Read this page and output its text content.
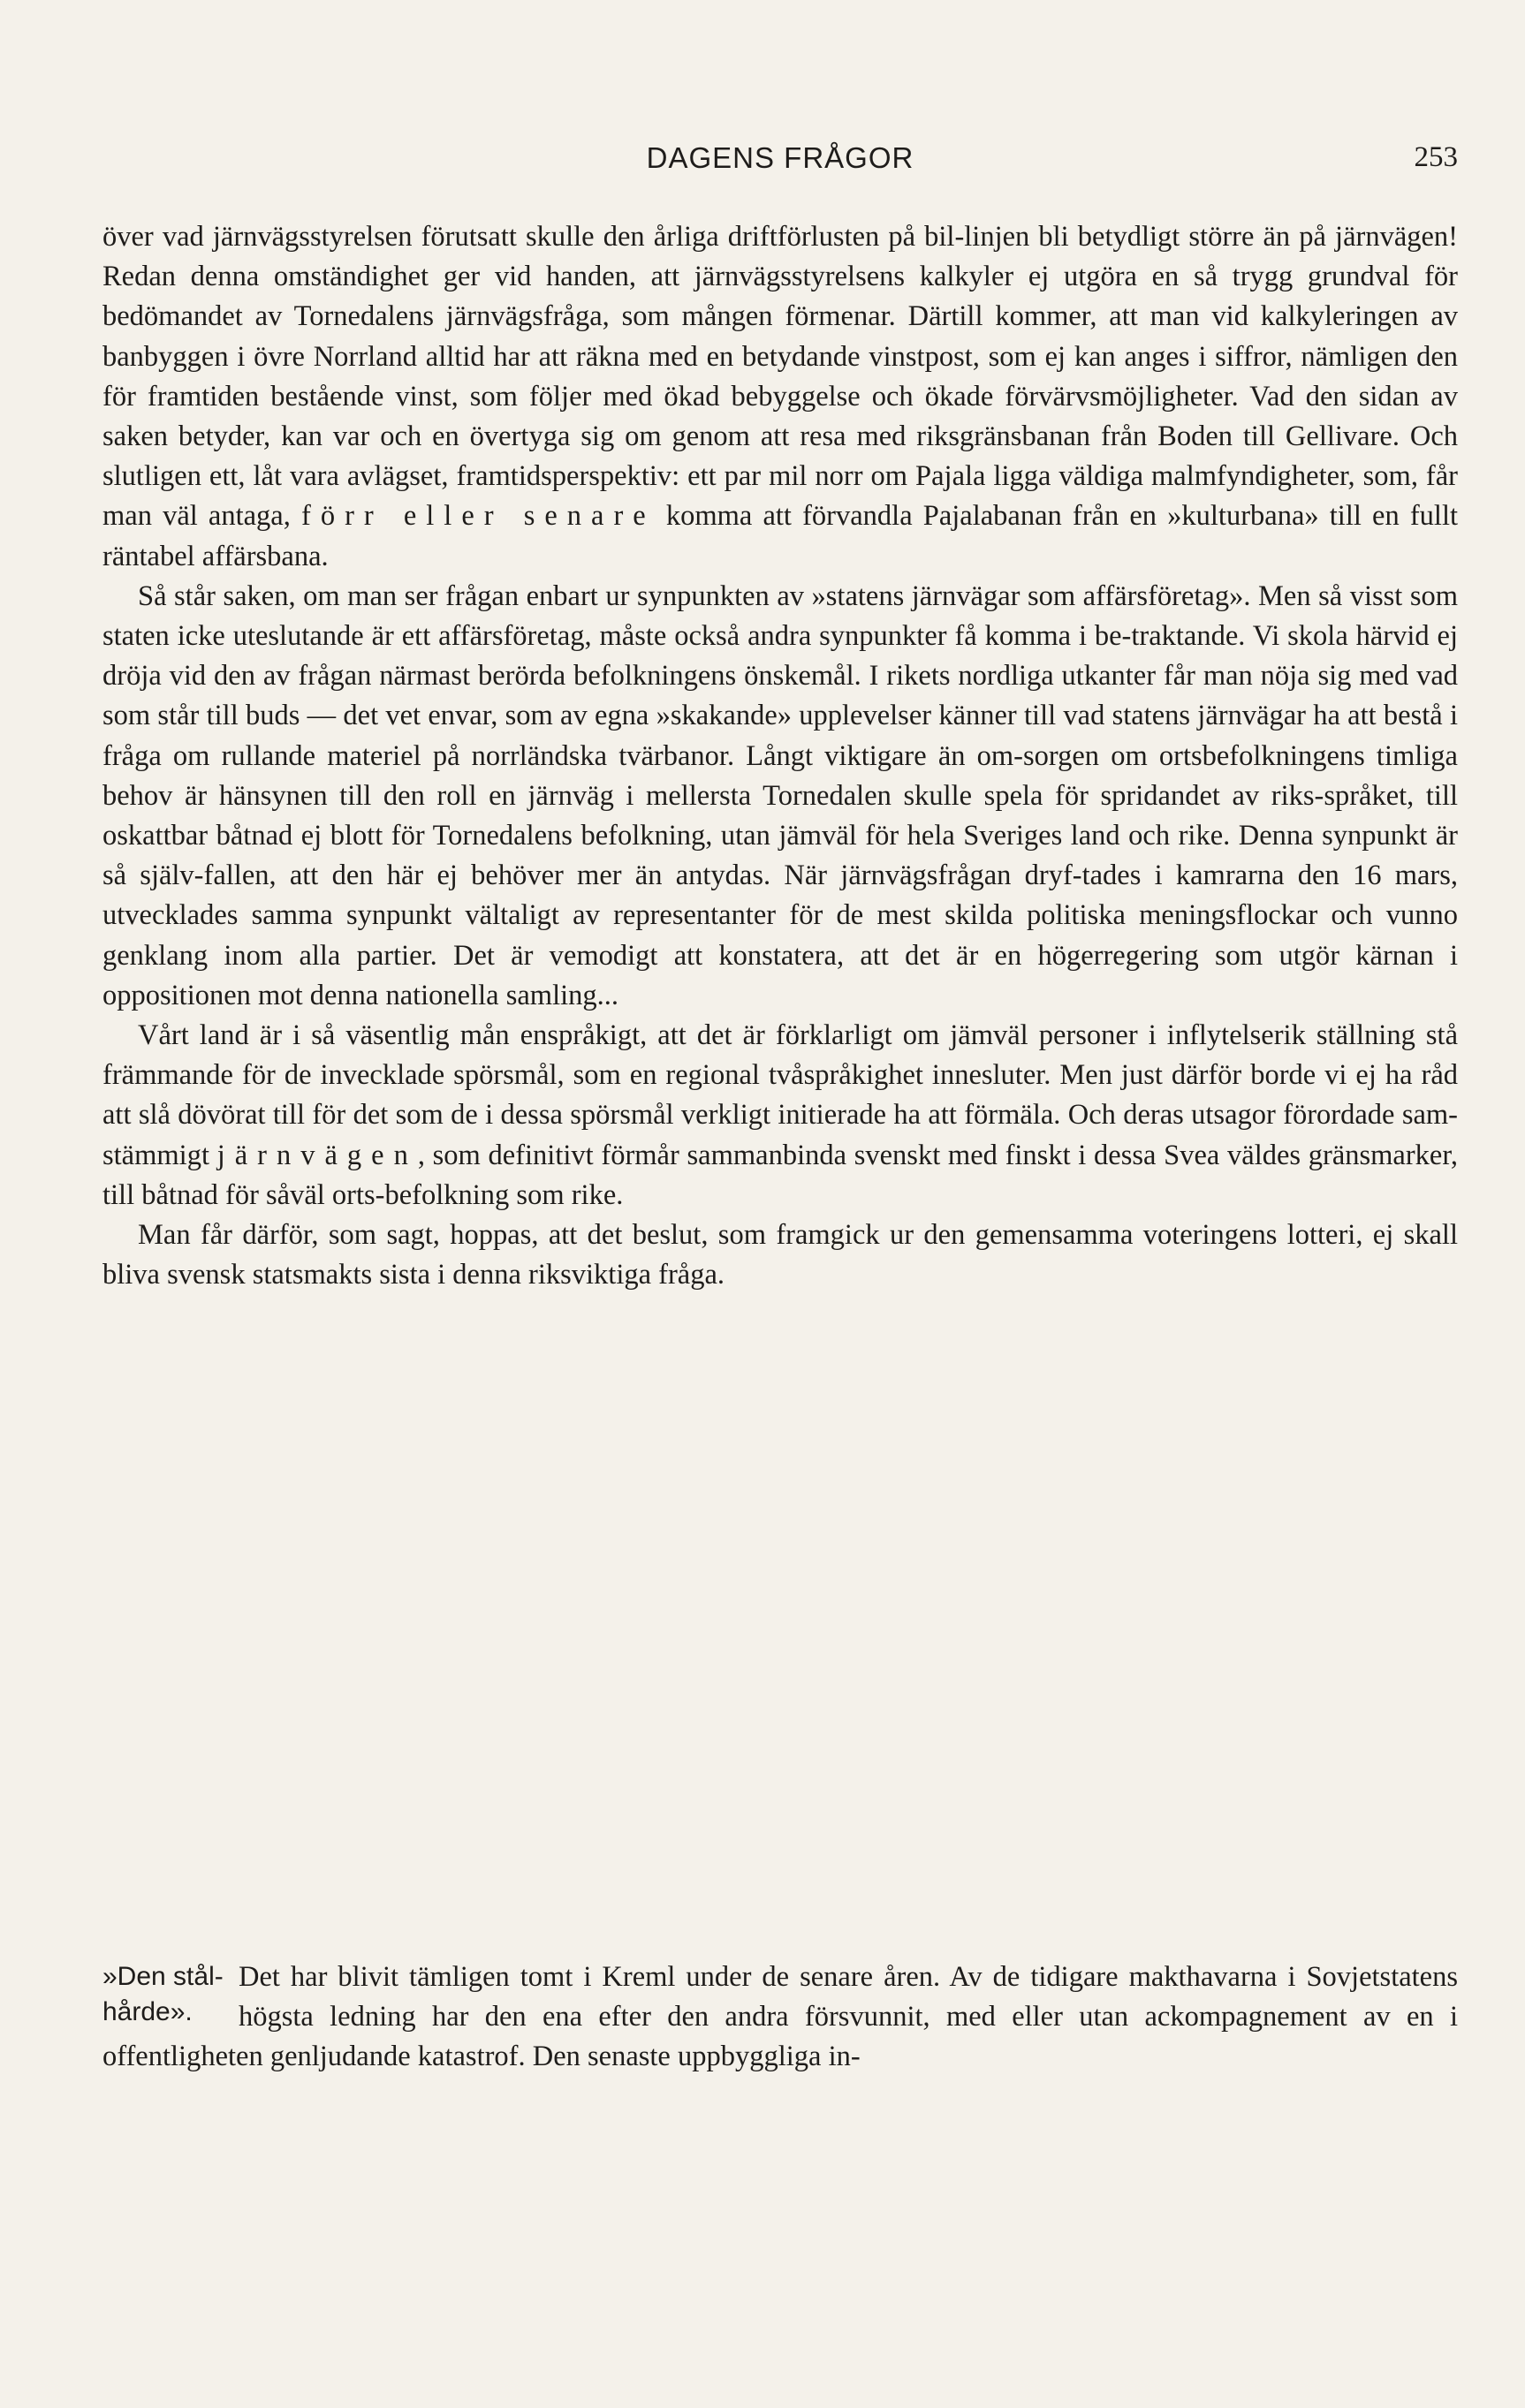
DAGENS FRÅGOR	253

över vad järnvägsstyrelsen förutsatt skulle den årliga driftförlusten på bil-linjen bli betydligt större än på järnvägen! Redan denna omständighet ger vid handen, att järnvägsstyrelsens kalkyler ej utgöra en så trygg grundval för bedömandet av Tornedalens järnvägsfråga, som mången förmenar. Därtill kommer, att man vid kalkyleringen av banbyggen i övre Norrland alltid har att räkna med en betydande vinstpost, som ej kan anges i siffror, nämligen den för framtiden bestående vinst, som följer med ökad bebyggelse och ökade förvärvsmöjligheter. Vad den sidan av saken betyder, kan var och en övertyga sig om genom att resa med riksgränsbanan från Boden till Gellivare. Och slutligen ett, låt vara avlägset, framtidsperspektiv: ett par mil norr om Pajala ligga väldiga malmfyndigheter, som, får man väl antaga, förr eller senare komma att förvandla Pajalabanan från en »kulturbana» till en fullt räntabel affärsbana.

Så står saken, om man ser frågan enbart ur synpunkten av »statens järnvägar som affärsföretag». Men så visst som staten icke uteslutande är ett affärsföretag, måste också andra synpunkter få komma i be-traktande. Vi skola härvid ej dröja vid den av frågan närmast berörda befolkningens önskemål. I rikets nordliga utkanter får man nöja sig med vad som står till buds — det vet envar, som av egna »skakande» upplevelser känner till vad statens järnvägar ha att bestå i fråga om rullande materiel på norrländska tvärbanor. Långt viktigare än om-sorgen om ortsbefolkningens timliga behov är hänsynen till den roll en järnväg i mellersta Tornedalen skulle spela för spridandet av riks-språket, till oskattbar båtnad ej blott för Tornedalens befolkning, utan jämväl för hela Sveriges land och rike. Denna synpunkt är så själv-fallen, att den här ej behöver mer än antydas. När järnvägsfrågan dryf-tades i kamrarna den 16 mars, utvecklades samma synpunkt vältaligt av representanter för de mest skilda politiska meningsflockar och vunno genklang inom alla partier. Det är vemodigt att konstatera, att det är en högerregering som utgör kärnan i oppositionen mot denna nationella samling...

Vårt land är i så väsentlig mån enspråkigt, att det är förklarligt om jämväl personer i inflytelserik ställning stå främmande för de invecklade spörsmål, som en regional tvåspråkighet innesluter. Men just därför borde vi ej ha råd att slå dövörat till för det som de i dessa spörsmål verkligt initierade ha att förmäla. Och deras utsagor förordade sam-stämmigt järnvägen, som definitivt förmår sammanbinda svenskt med finskt i dessa Svea väldes gränsmarker, till båtnad för såväl orts-befolkning som rike.

Man får därför, som sagt, hoppas, att det beslut, som framgick ur den gemensamma voteringens lotteri, ej skall bliva svensk statsmakts sista i denna riksviktiga fråga.

»Den stål-hårde».
Det har blivit tämligen tomt i Kreml under de senare åren. Av de tidigare makthavarna i Sovjetstatens högsta ledning har den ena efter den andra försvunnit, med eller utan ackompagnement av en i offentligheten genljudande katastrof. Den senaste uppbyggliga in-
